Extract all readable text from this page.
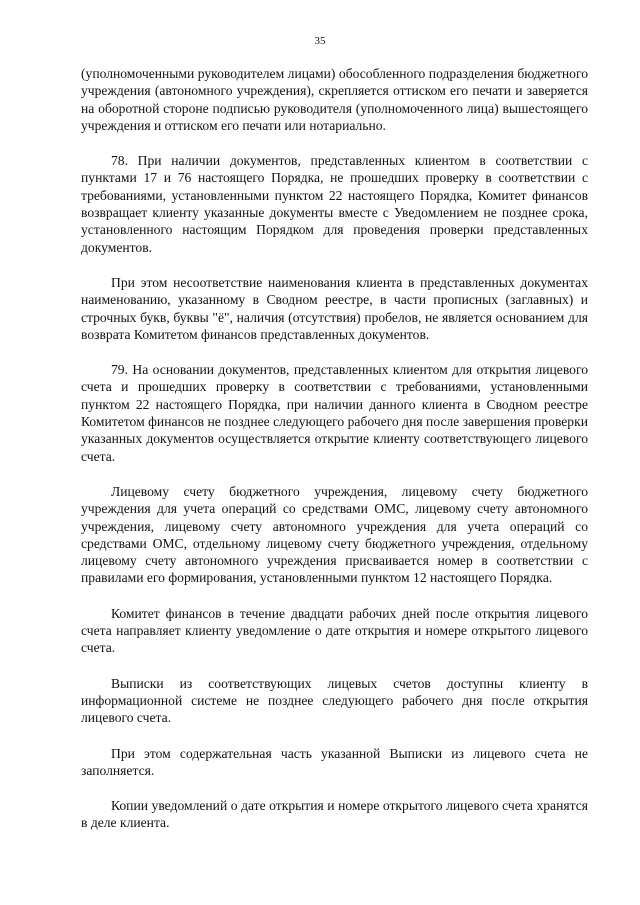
35

(уполномоченными руководителем лицами) обособленного подразделения бюджетного учреждения (автономного учреждения), скрепляется оттиском его печати и заверяется на оборотной стороне подписью руководителя (уполномоченного лица) вышестоящего учреждения и оттиском его печати или нотариально.

78. При наличии документов, представленных клиентом в соответствии с пунктами 17 и 76 настоящего Порядка, не прошедших проверку в соответствии с требованиями, установленными пунктом 22 настоящего Порядка, Комитет финансов возвращает клиенту указанные документы вместе с Уведомлением не позднее срока, установленного настоящим Порядком для проведения проверки представленных документов.

При этом несоответствие наименования клиента в представленных документах наименованию, указанному в Сводном реестре, в части прописных (заглавных) и строчных букв, буквы "ё", наличия (отсутствия) пробелов, не является основанием для возврата Комитетом финансов представленных документов.

79. На основании документов, представленных клиентом для открытия лицевого счета и прошедших проверку в соответствии с требованиями, установленными пунктом 22 настоящего Порядка, при наличии данного клиента в Сводном реестре Комитетом финансов не позднее следующего рабочего дня после завершения проверки указанных документов осуществляется открытие клиенту соответствующего лицевого счета.

Лицевому счету бюджетного учреждения, лицевому счету бюджетного учреждения для учета операций со средствами ОМС, лицевому счету автономного учреждения, лицевому счету автономного учреждения для учета операций со средствами ОМС, отдельному лицевому счету бюджетного учреждения, отдельному лицевому счету автономного учреждения присваивается номер в соответствии с правилами его формирования, установленными пунктом 12 настоящего Порядка.

Комитет финансов в течение двадцати рабочих дней после открытия лицевого счета направляет клиенту уведомление о дате открытия и номере открытого лицевого счета.

Выписки из соответствующих лицевых счетов доступны клиенту в информационной системе не позднее следующего рабочего дня после открытия лицевого счета.

При этом содержательная часть указанной Выписки из лицевого счета не заполняется.

Копии уведомлений о дате открытия и номере открытого лицевого счета хранятся в деле клиента.
